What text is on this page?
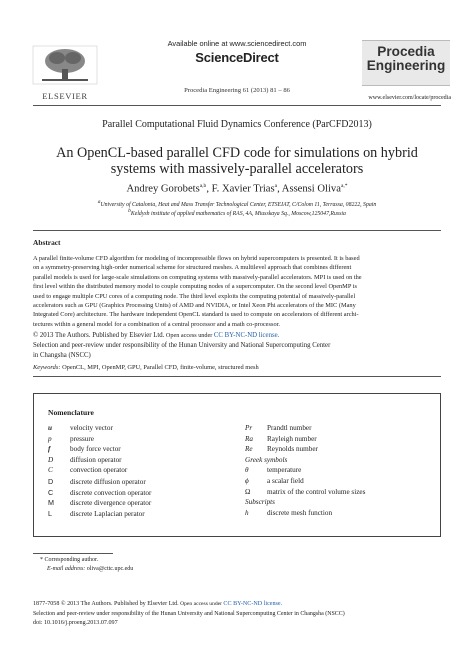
Available online at www.sciencedirect.com
ScienceDirect
Procedia Engineering 61 (2013) 81 – 86
ELSEVIER
Procedia
Engineering
www.elsevier.com/locate/procedia
Parallel Computational Fluid Dynamics Conference (ParCFD2013)
An OpenCL-based parallel CFD code for simulations on hybrid
systems with massively-parallel accelerators
Andrey Gorobets$^{a,b}$, F. Xavier Trias$^a$, Assensi Oliva$^{a,*}$
aUniversity of Catalonia, Heat and Mass Transfer Technological Center, ETSEIAT, C/Colom 11, Terrassa, 08222, Spain
bKeldysh institute of applied mathematics of RAS, 4A, Miusskaya Sq., Moscow,125047,Russia
Abstract
A parallel finite-volume CFD algorithm for modeling of incompressible flows on hybrid supercomputers is presented. It is based
on a symmetry-preserving high-order numerical scheme for structured meshes. A multilevel approach that combines different
parallel models is used for large-scale simulations on computing systems with massively-parallel accelerators. MPI is used on the
first level within the distributed memory model to couple computing nodes of a supercomputer. On the second level OpenMP is
used to engage multiple CPU cores of a computing node. The third level exploits the computing potential of massively-parallel
accelerators such as GPU (Graphics Processing Units) of AMD and NVIDIA, or Intel Xeon Phi accelerators of the MIC (Many
Integrated Core) architecture. The hardware independent OpenCL standard is used to compute on accelerators of different archi-
tectures within a general model for a combination of a central processor and a math co-processor.
© 2013 The Authors. Published by Elsevier Ltd. Open access under CC BY-NC-ND license.
Selection and peer-review under responsibility of the Hunan University and National Supercomputing Center
in Changsha (NSCC)
Keywords: OpenCL, MPI, OpenMP, GPU, Parallel CFD, finite-volume, structured mesh
Nomenclature
u	velocity vector
p	pressure
f	body force vector
D	diffusion operator
C	convection operator
D	discrete diffusion operator
C	discrete convection operator
M	discrete divergence operator
L	discrete Laplacian perator
Pr	Prandtl number
Ra	Rayleigh number
Re	Reynolds number
Greek symbols
θ	temperature
ϕ	a scalar field
Ω	matrix of the control volume sizes
Subscripts
h	discrete mesh function
* Corresponding author.
E-mail address: oliva@cttc.upc.edu
1877-7058 © 2013 The Authors. Published by Elsevier Ltd. Open access under CC BY-NC-ND license.
Selection and peer-review under responsibility of the Hunan University and National Supercomputing Center in Changsha (NSCC)
doi: 10.1016/j.proeng.2013.07.097
